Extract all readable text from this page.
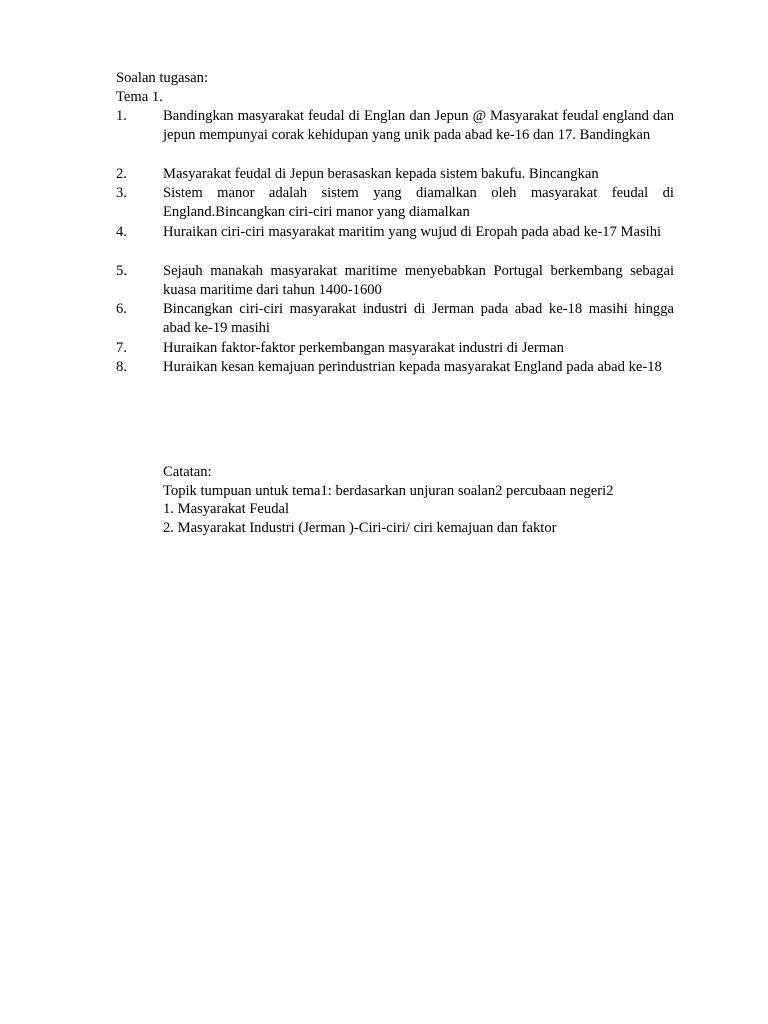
Soalan tugasan:
Tema 1.
1.	Bandingkan masyarakat feudal di Englan dan Jepun @ Masyarakat feudal england dan jepun mempunyai corak kehidupan yang unik pada abad ke-16 dan 17. Bandingkan
2.	Masyarakat feudal di Jepun berasaskan kepada sistem bakufu. Bincangkan
3.	Sistem manor adalah sistem yang diamalkan oleh masyarakat feudal di England.Bincangkan ciri-ciri manor yang diamalkan
4.	Huraikan ciri-ciri masyarakat maritim yang wujud di Eropah pada abad ke-17 Masihi
5.	Sejauh manakah masyarakat maritime menyebabkan Portugal berkembang sebagai kuasa maritime dari tahun 1400-1600
6.	Bincangkan ciri-ciri masyarakat industri di Jerman pada abad ke-18 masihi hingga abad ke-19 masihi
7.	Huraikan faktor-faktor perkembangan masyarakat industri di Jerman
8.	Huraikan kesan kemajuan perindustrian kepada masyarakat England pada abad ke-18
Catatan:
Topik tumpuan untuk tema1: berdasarkan unjuran soalan2 percubaan negeri2
1. Masyarakat Feudal
2. Masyarakat Industri (Jerman )-Ciri-ciri/ ciri kemajuan dan faktor
